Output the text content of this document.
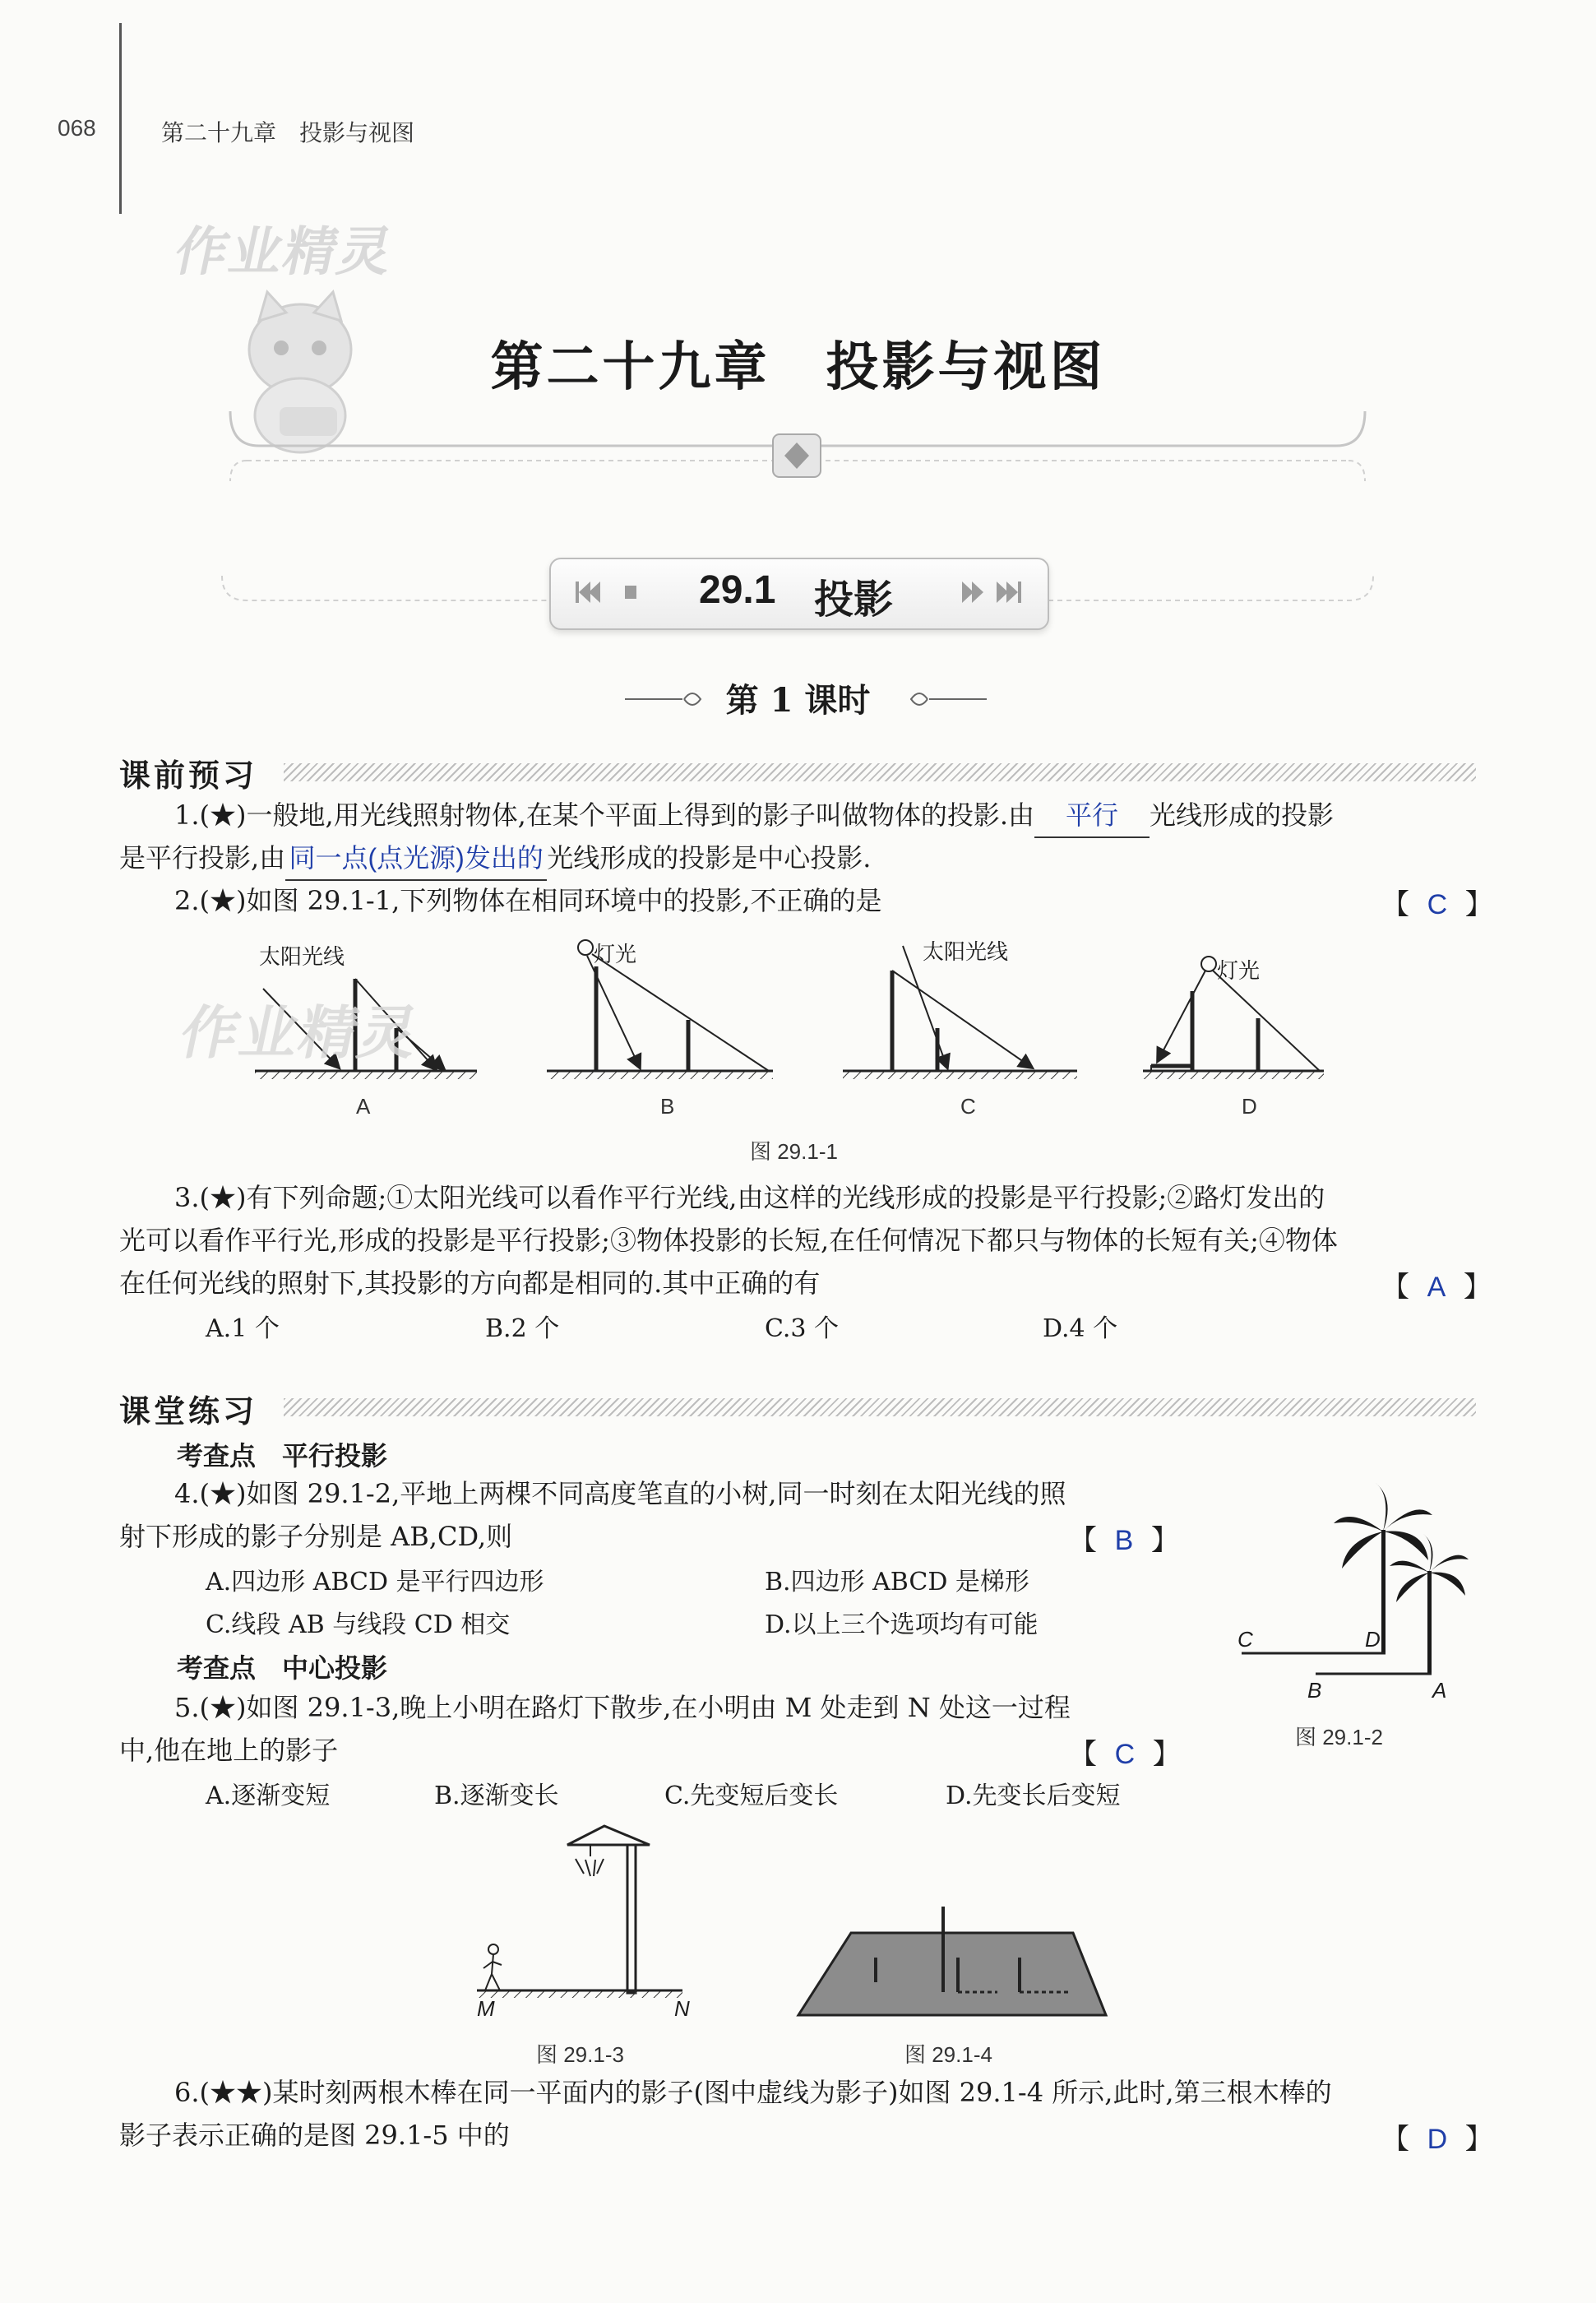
068	第二十九章　投影与视图
作业精灵
第二十九章　投影与视图
29.1 投影
第 1 课时
课前预习
1.(★)一般地,用光线照射物体,在某个平面上得到的影子叫做物体的投影.由 平行 光线形成的投影
是平行投影,由 同一点(点光源)发出的 光线形成的投影是中心投影.
2.(★)如图 29.1-1,下列物体在相同环境中的投影,不正确的是	【  C  】
太阳光线	灯光	太阳光线
灯光
作业精灵
A	B	C	D
图 29.1-1
3.(★)有下列命题;①太阳光线可以看作平行光线,由这样的光线形成的投影是平行投影;②路灯发出的
光可以看作平行光,形成的投影是平行投影;③物体投影的长短,在任何情况下都只与物体的长短有关;④物体
在任何光线的照射下,其投影的方向都是相同的.其中正确的有	【  A  】
A.1 个	B.2 个	C.3 个	D.4 个
课堂练习
考查点　平行投影
4.(★)如图 29.1-2,平地上两棵不同高度笔直的小树,同一时刻在太阳光线的照
射下形成的影子分别是 AB,CD,则	【  B  】
A.四边形 ABCD 是平行四边形	B.四边形 ABCD 是梯形
C.线段 AB 与线段 CD 相交	D.以上三个选项均有可能	C	D
B	A
图 29.1-2
考查点　中心投影
5.(★)如图 29.1-3,晚上小明在路灯下散步,在小明由 M 处走到 N 处这一过程
中,他在地上的影子	【  C  】
A.逐渐变短	B.逐渐变长	C.先变短后变长	D.先变长后变短
M	N
图 29.1-3	图 29.1-4
6.(★★)某时刻两根木棒在同一平面内的影子(图中虚线为影子)如图 29.1-4 所示,此时,第三根木棒的
影子表示正确的是图 29.1-5 中的	【  D  】
